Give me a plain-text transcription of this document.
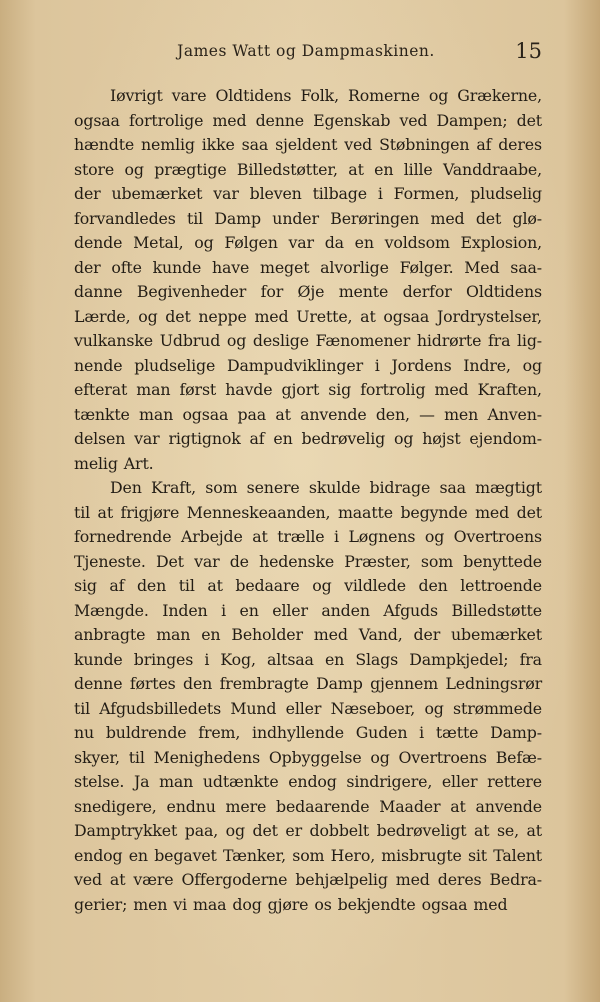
James Watt og Dampmaskinen.	15
Iøvrigt vare Oldtidens Folk, Romerne og Grækerne,
ogsaa fortrolige med denne Egenskab ved Dampen; det
hændte nemlig ikke saa sjeldent ved Støbningen af deres
store og prægtige Billedstøtter, at en lille Vanddraabe,
der ubemærket var bleven tilbage i Formen, pludselig
forvandledes til Damp under Berøringen med det glø-
dende Metal, og Følgen var da en voldsom Explosion,
der ofte kunde have meget alvorlige Følger. Med saa-
danne Begivenheder for Øje mente derfor Oldtidens
Lærde, og det neppe med Urette, at ogsaa Jordrystelser,
vulkanske Udbrud og deslige Fænomener hidrørte fra lig-
nende pludselige Dampudviklinger i Jordens Indre, og
efterat man først havde gjort sig fortrolig med Kraften,
tænkte man ogsaa paa at anvende den, — men Anven-
delsen var rigtignok af en bedrøvelig og højst ejendom-
melig Art.
Den Kraft, som senere skulde bidrage saa mægtigt
til at frigjøre Menneskeaanden, maatte begynde med det
fornedrende Arbejde at trælle i Løgnens og Overtroens
Tjeneste. Det var de hedenske Præster, som benyttede
sig af den til at bedaare og vildlede den lettroende
Mængde. Inden i en eller anden Afguds Billedstøtte
anbragte man en Beholder med Vand, der ubemærket
kunde bringes i Kog, altsaa en Slags Dampkjedel; fra
denne førtes den frembragte Damp gjennem Ledningsrør
til Afgudsbilledets Mund eller Næseboer, og strømmede
nu buldrende frem, indhyllende Guden i tætte Damp-
skyer, til Menighedens Opbyggelse og Overtroens Befæ-
stelse. Ja man udtænkte endog sindrigere, eller rettere
snedigere, endnu mere bedaarende Maader at anvende
Damptrykket paa, og det er dobbelt bedrøveligt at se, at
endog en begavet Tænker, som Hero, misbrugte sit Talent
ved at være Offergoderne behjælpelig med deres Bedra-
gerier; men vi maa dog gjøre os bekjendte ogsaa med
